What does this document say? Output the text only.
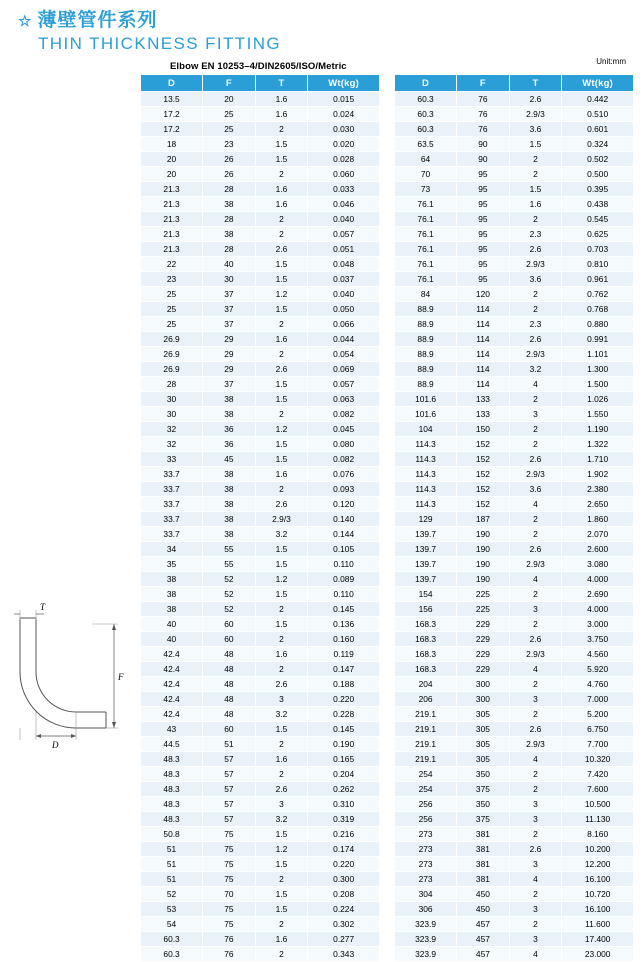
☆ 薄壁管件系列
THIN THICKNESS FITTING
Elbow EN 10253–4/DIN2605/ISO/Metric	Unit:mm
D	F	T	Wt(kg)
13.5	20	1.6	0.015
17.2	25	1.6	0.024
17.2	25	2	0.030
18	23	1.5	0.020
20	26	1.5	0.028
20	26	2	0.060
21.3	28	1.6	0.033
21.3	38	1.6	0.046
21.3	28	2	0.040
21.3	38	2	0.057
21.3	28	2.6	0.051
22	40	1.5	0.048
23	30	1.5	0.037
25	37	1.2	0.040
25	37	1.5	0.050
25	37	2	0.066
26.9	29	1.6	0.044
26.9	29	2	0.054
26.9	29	2.6	0.069
28	37	1.5	0.057
30	38	1.5	0.063
30	38	2	0.082
32	36	1.2	0.045
32	36	1.5	0.080
33	45	1.5	0.082
33.7	38	1.6	0.076
33.7	38	2	0.093
33.7	38	2.6	0.120
33.7	38	2.9/3	0.140
33.7	38	3.2	0.144
34	55	1.5	0.105
35	55	1.5	0.110
38	52	1.2	0.089
38	52	1.5	0.110
38	52	2	0.145
40	60	1.5	0.136
40	60	2	0.160
42.4	48	1.6	0.119
42.4	48	2	0.147
42.4	48	2.6	0.188
42.4	48	3	0.220
42.4	48	3.2	0.228
43	60	1.5	0.145
44.5	51	2	0.190
48.3	57	1.6	0.165
48.3	57	2	0.204
48.3	57	2.6	0.262
48.3	57	3	0.310
48.3	57	3.2	0.319
50.8	75	1.5	0.216
51	75	1.2	0.174
51	75	1.5	0.220
51	75	2	0.300
52	70	1.5	0.208
53	75	1.5	0.224
54	75	2	0.302
60.3	76	1.6	0.277
60.3	76	2	0.343
D	F	T	Wt(kg)
60.3	76	2.6	0.442
60.3	76	2.9/3	0.510
60.3	76	3.6	0.601
63.5	90	1.5	0.324
64	90	2	0.502
70	95	2	0.500
73	95	1.5	0.395
76.1	95	1.6	0.438
76.1	95	2	0.545
76.1	95	2.3	0.625
76.1	95	2.6	0.703
76.1	95	2.9/3	0.810
76.1	95	3.6	0.961
84	120	2	0.762
88.9	114	2	0.768
88.9	114	2.3	0.880
88.9	114	2.6	0.991
88.9	114	2.9/3	1.101
88.9	114	3.2	1.300
88.9	114	4	1.500
101.6	133	2	1.026
101.6	133	3	1.550
104	150	2	1.190
114.3	152	2	1.322
114.3	152	2.6	1.710
114.3	152	2.9/3	1.902
114.3	152	3.6	2.380
114.3	152	4	2.650
129	187	2	1.860
139.7	190	2	2.070
139.7	190	2.6	2.600
139.7	190	2.9/3	3.080
139.7	190	4	4.000
154	225	2	2.690
156	225	3	4.000
168.3	229	2	3.000
168.3	229	2.6	3.750
168.3	229	2.9/3	4.560
168.3	229	4	5.920
204	300	2	4.760
206	300	3	7.000
219.1	305	2	5.200
219.1	305	2.6	6.750
219.1	305	2.9/3	7.700
219.1	305	4	10.320
254	350	2	7.420
254	375	2	7.600
256	350	3	10.500
256	375	3	11.130
273	381	2	8.160
273	381	2.6	10.200
273	381	3	12.200
273	381	4	16.100
304	450	2	10.720
306	450	3	16.100
323.9	457	2	11.600
323.9	457	3	17.400
323.9	457	4	23.000
D
T
F
